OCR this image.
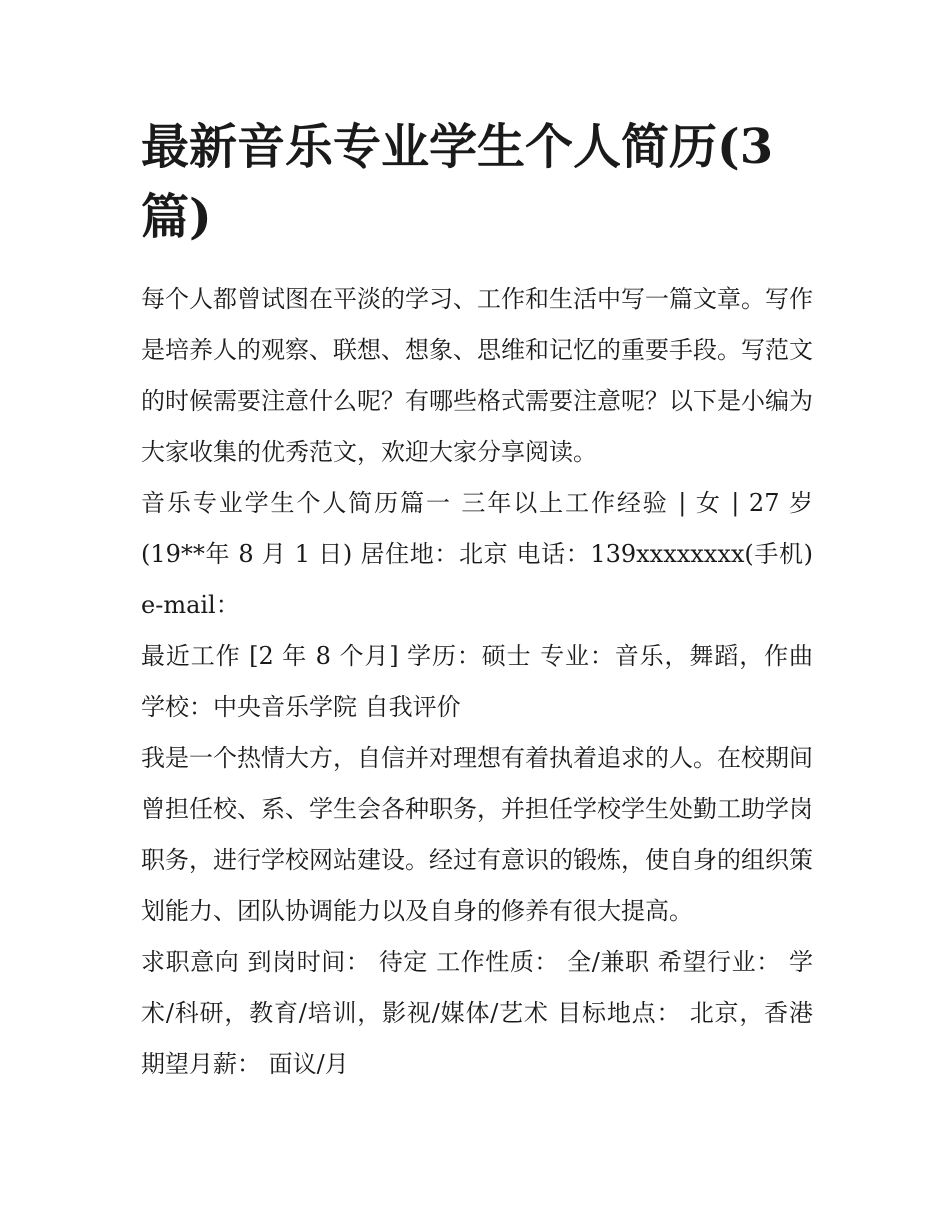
最新音乐专业学生个人简历(3篇)

每个人都曾试图在平淡的学习、工作和生活中写一篇文章。写作是培养人的观察、联想、想象、思维和记忆的重要手段。写范文的时候需要注意什么呢？有哪些格式需要注意呢？以下是小编为大家收集的优秀范文，欢迎大家分享阅读。

音乐专业学生个人简历篇一 三年以上工作经验 | 女 | 27 岁 (19**年 8 月 1 日) 居住地：北京 电话：139xxxxxxxx(手机) e-mail：

最近工作 [2 年 8 个月] 学历：硕士 专业：音乐，舞蹈，作曲 学校：中央音乐学院 自我评价

我是一个热情大方，自信并对理想有着执着追求的人。在校期间曾担任校、系、学生会各种职务，并担任学校学生处勤工助学岗职务，进行学校网站建设。经过有意识的锻炼，使自身的组织策划能力、团队协调能力以及自身的修养有很大提高。

求职意向 到岗时间： 待定 工作性质： 全/兼职 希望行业： 学术/科研，教育/培训，影视/媒体/艺术 目标地点： 北京，香港 期望月薪： 面议/月
